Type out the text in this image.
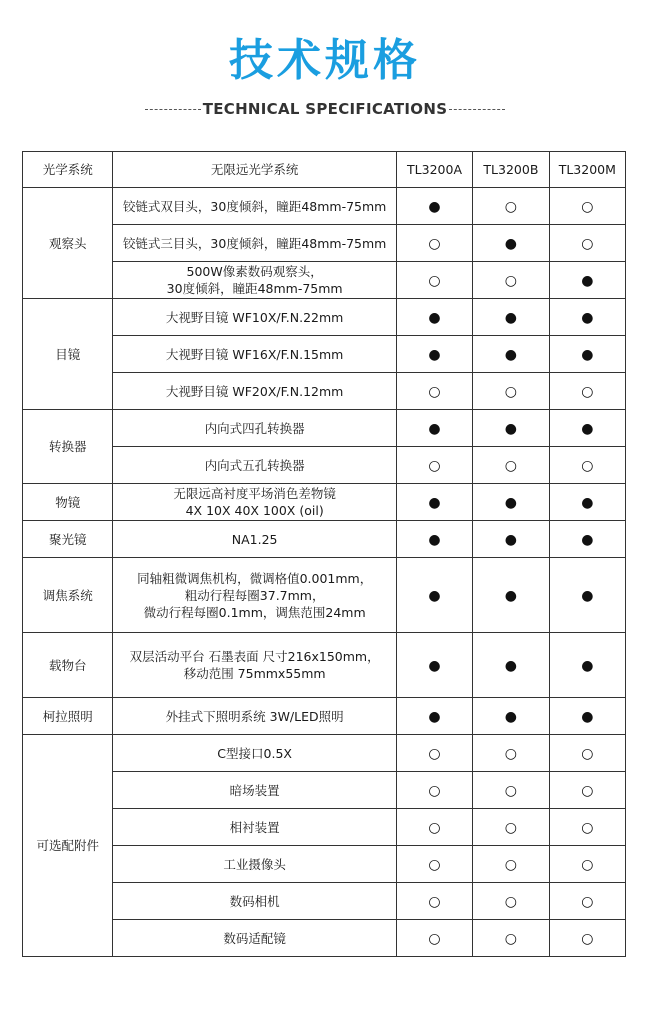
技术规格
TECHNICAL SPECIFICATIONS
光学系统	无限远光学系统	TL3200A	TL3200B	TL3200M
观察头	铰链式双目头，30度倾斜，瞳距48mm-75mm	●	○	○

	铰链式三目头，30度倾斜，瞳距48mm-75mm	○	●	○

	500W像素数码观察头，
30度倾斜，瞳距48mm-75mm	○	○	●
目镜	大视野目镜 WF10X/F.N.22mm	●	●	●

	大视野目镜 WF16X/F.N.15mm	●	●	●

	大视野目镜 WF20X/F.N.12mm	○	○	○
转换器	内向式四孔转换器	●	●	●

	内向式五孔转换器	○	○	○
物镜	无限远高衬度平场消色差物镜
4X 10X 40X 100X (oil)	●	●	●
聚光镜	NA1.25	●	●	●
调焦系统	同轴粗微调焦机构，微调格值0.001mm，
粗动行程每圈37.7mm，
微动行程每圈0.1mm，调焦范围24mm	●	●	●
载物台	双层活动平台 石墨表面 尺寸216x150mm，
移动范围 75mmx55mm	●	●	●
柯拉照明	外挂式下照明系统 3W/LED照明	●	●	●
可选配附件	C型接口0.5X	○	○	○

	暗场装置	○	○	○

	相衬装置	○	○	○

	工业摄像头	○	○	○

	数码相机	○	○	○

	数码适配镜	○	○	○
